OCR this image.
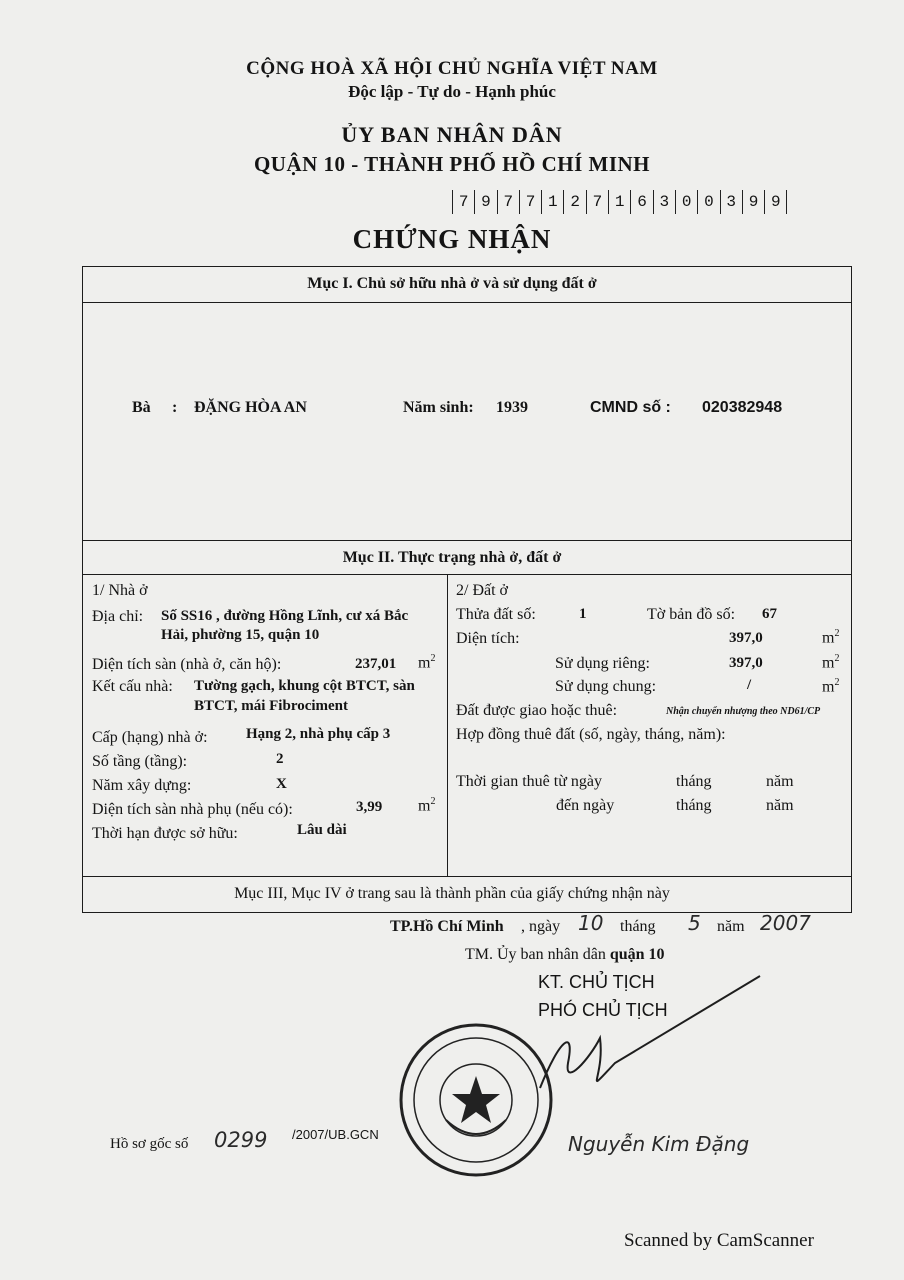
CỘNG HOÀ XÃ HỘI CHỦ NGHĨA VIỆT NAM
Độc lập - Tự do - Hạnh phúc
ỦY BAN NHÂN DÂN
QUẬN 10 - THÀNH PHỐ HỒ CHÍ MINH
7 9 7 7 1 2 7 1 6 3 0 0 3 9 9
CHỨNG NHẬN
Mục I. Chủ sở hữu nhà ở và sử dụng đất ở
Bà : ĐẶNG HÒA AN	Năm sinh: 1939	CMND số : 020382948
Mục II. Thực trạng nhà ở, đất ở
1/ Nhà ở
Địa chỉ: Số SS16 , đường Hồng Lĩnh, cư xá Bắc
Hải, phường 15, quận 10
Diện tích sàn (nhà ở, căn hộ):	237,01 $m^2$
Kết cấu nhà: Tường gạch, khung cột BTCT, sàn
BTCT, mái Fibrociment
Cấp (hạng) nhà ở:	Hạng 2, nhà phụ cấp 3
Số tầng (tầng):	2
Năm xây dựng:	X
Diện tích sàn nhà phụ (nếu có):	3,99 $m^2$
Thời hạn được sở hữu:	Lâu dài
2/ Đất ở
Thửa đất số:	1	Tờ bản đồ số: 67
Diện tích:	397,0	$m^2$
Sử dụng riêng:	397,0	$m^2$
Sử dụng chung:	/	$m^2$
Đất được giao hoặc thuê:	Nhận chuyển nhượng theo ND61/CP
Hợp đồng thuê đất (số, ngày, tháng, năm):
Thời gian thuê từ ngày	tháng	năm
đến ngày	tháng	năm
Mục III, Mục IV ở trang sau là thành phần của giấy chứng nhận này
TP.Hồ Chí Minh , ngày 10 tháng 5 năm 2007
TM. Ủy ban nhân dân quận 10
KT. CHỦ TỊCH
PHÓ CHỦ TỊCH
Hồ sơ gốc số 0299 /2007/UB.GCN	Nguyễn Kim Đặng
Scanned by CamScanner
